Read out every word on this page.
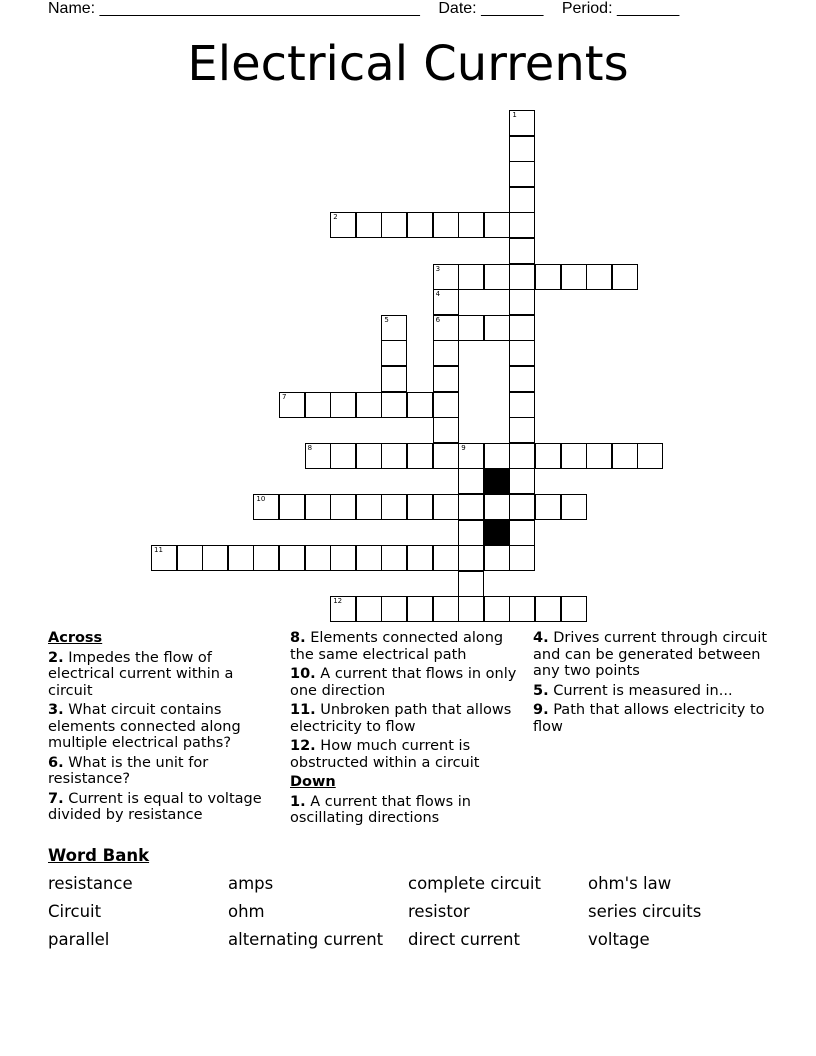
Name: ____________________________________ Date: _______ Period: _______
Electrical Currents
1
2
3
4
6
5
7
8	9
10
11
12
Across
2. Impedes the flow of electrical current within a circuit
3. What circuit contains elements connected along multiple electrical paths?
6. What is the unit for resistance?
7. Current is equal to voltage divided by resistance
8. Elements connected along the same electrical path
10. A current that flows in only one direction
11. Unbroken path that allows electricity to flow
12. How much current is obstructed within a circuit
Down
1. A current that flows in oscillating directions
4. Drives current through circuit and can be generated between any two points
5. Current is measured in...
9. Path that allows electricity to flow
Word Bank
resistance	amps	complete circuit	ohm's law
Circuit	ohm	resistor	series circuits
parallel	alternating current	direct current	voltage
